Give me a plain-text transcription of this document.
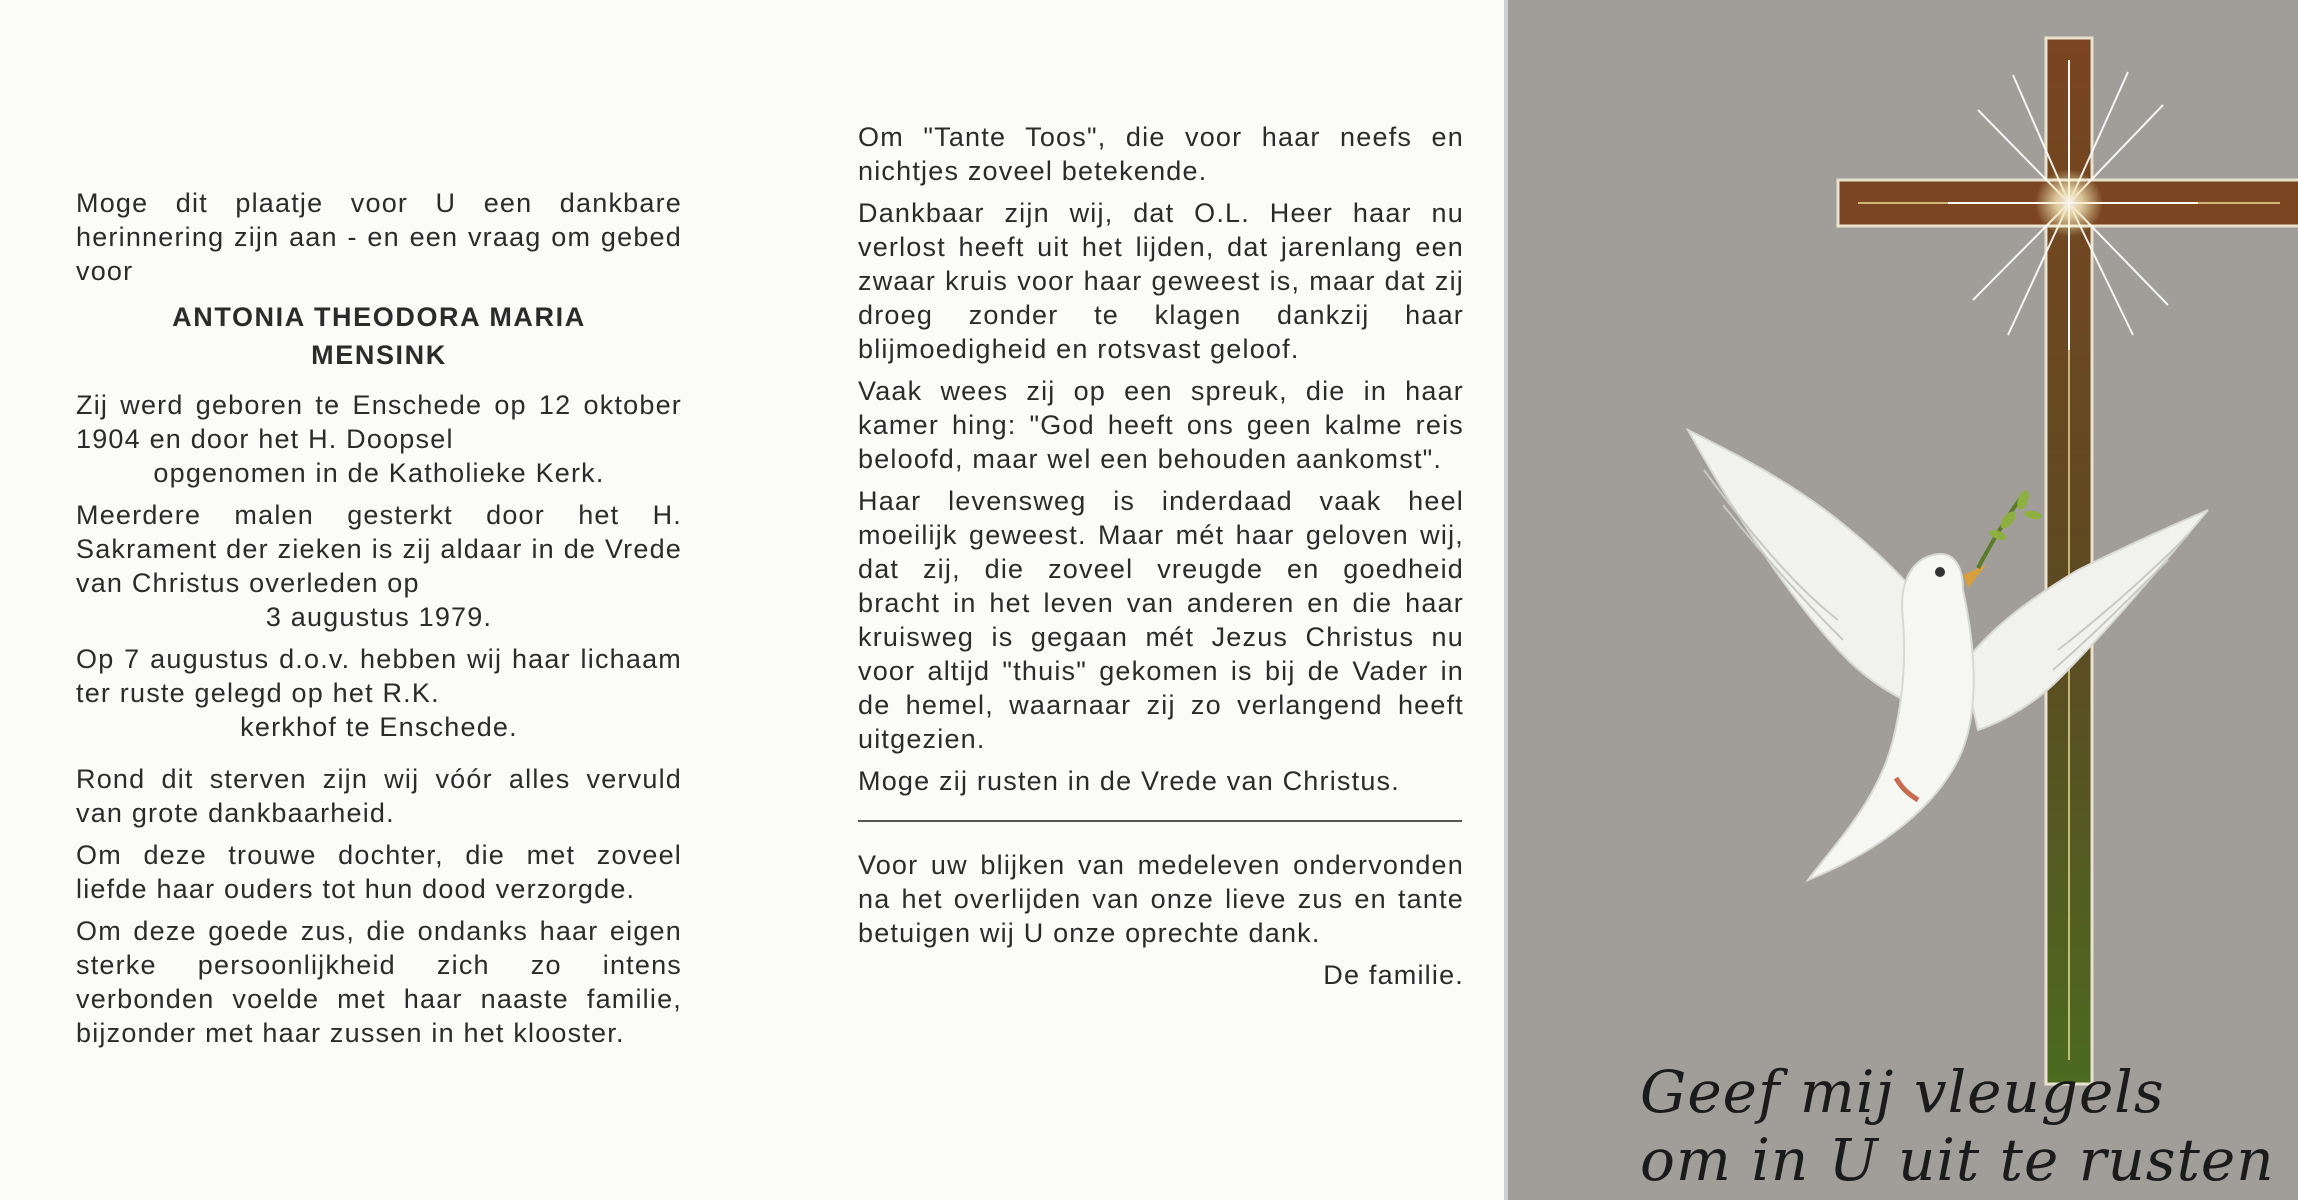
Moge dit plaatje voor U een dankbare herinnering zijn aan - en een vraag om gebed voor

ANTONIA THEODORA MARIA
MENSINK

Zij werd geboren te Enschede op 12 oktober 1904 en door het H. Doopsel

opgenomen in de Katholieke Kerk.

Meerdere malen gesterkt door het H. Sakrament der zieken is zij aldaar in de Vrede van Christus overleden op

3 augustus 1979.

Op 7 augustus d.o.v. hebben wij haar lichaam ter ruste gelegd op het R.K.

kerkhof te Enschede.

Rond dit sterven zijn wij vóór alles vervuld van grote dankbaarheid.

Om deze trouwe dochter, die met zoveel liefde haar ouders tot hun dood verzorgde.

Om deze goede zus, die ondanks haar eigen sterke persoonlijkheid zich zo intens verbonden voelde met haar naaste familie, bijzonder met haar zussen in het klooster.

Om "Tante Toos", die voor haar neefs en nichtjes zoveel betekende.

Dankbaar zijn wij, dat O.L. Heer haar nu verlost heeft uit het lijden, dat jarenlang een zwaar kruis voor haar geweest is, maar dat zij droeg zonder te klagen dankzij haar blijmoedigheid en rotsvast geloof.

Vaak wees zij op een spreuk, die in haar kamer hing: "God heeft ons geen kalme reis beloofd, maar wel een behouden aankomst".

Haar levensweg is inderdaad vaak heel moeilijk geweest. Maar mét haar geloven wij, dat zij, die zoveel vreugde en goedheid bracht in het leven van anderen en die haar kruisweg is gegaan mét Jezus Christus nu voor altijd "thuis" gekomen is bij de Vader in de hemel, waarnaar zij zo verlangend heeft uitgezien.

Moge zij rusten in de Vrede van Christus.

Voor uw blijken van medeleven ondervonden na het overlijden van onze lieve zus en tante betuigen wij U onze oprechte dank.

De familie.

Geef mij vleugels
om in U uit te rusten
